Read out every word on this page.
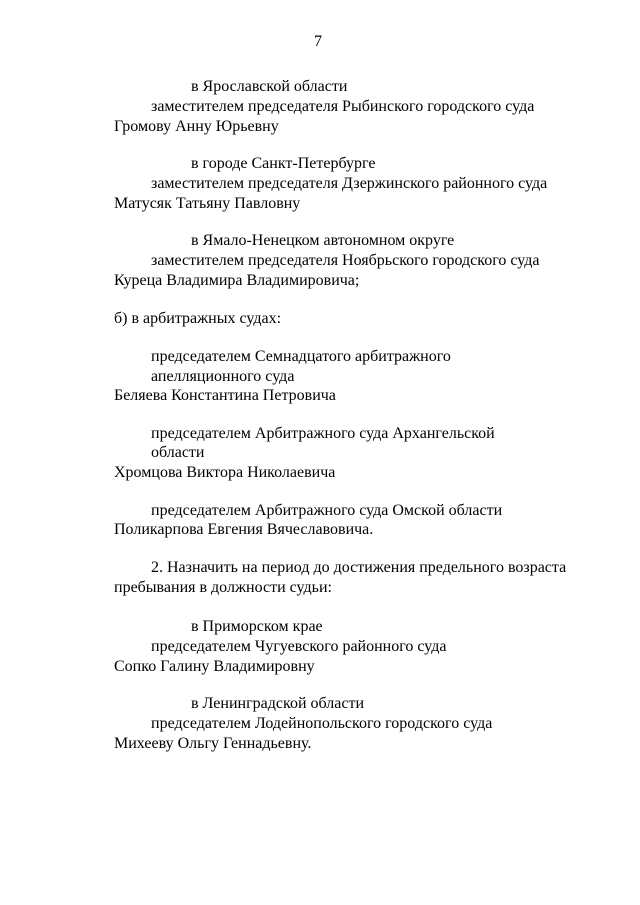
7
в Ярославской области
заместителем председателя Рыбинского городского суда
Громову Анну Юрьевну
в городе Санкт-Петербурге
заместителем председателя Дзержинского районного суда
Матусяк Татьяну Павловну
в Ямало-Ненецком автономном округе
заместителем председателя Ноябрьского городского суда
Куреца Владимира Владимировича;
б) в арбитражных судах:
председателем Семнадцатого арбитражного
апелляционного суда
Беляева Константина Петровича
председателем Арбитражного суда Архангельской
области
Хромцова Виктора Николаевича
председателем Арбитражного суда Омской области
Поликарпова Евгения Вячеславовича.
2. Назначить на период до достижения предельного возраста
пребывания в должности судьи:
в Приморском крае
председателем Чугуевского районного суда
Сопко Галину Владимировну
в Ленинградской области
председателем Лодейнопольского городского суда
Михееву Ольгу Геннадьевну.
